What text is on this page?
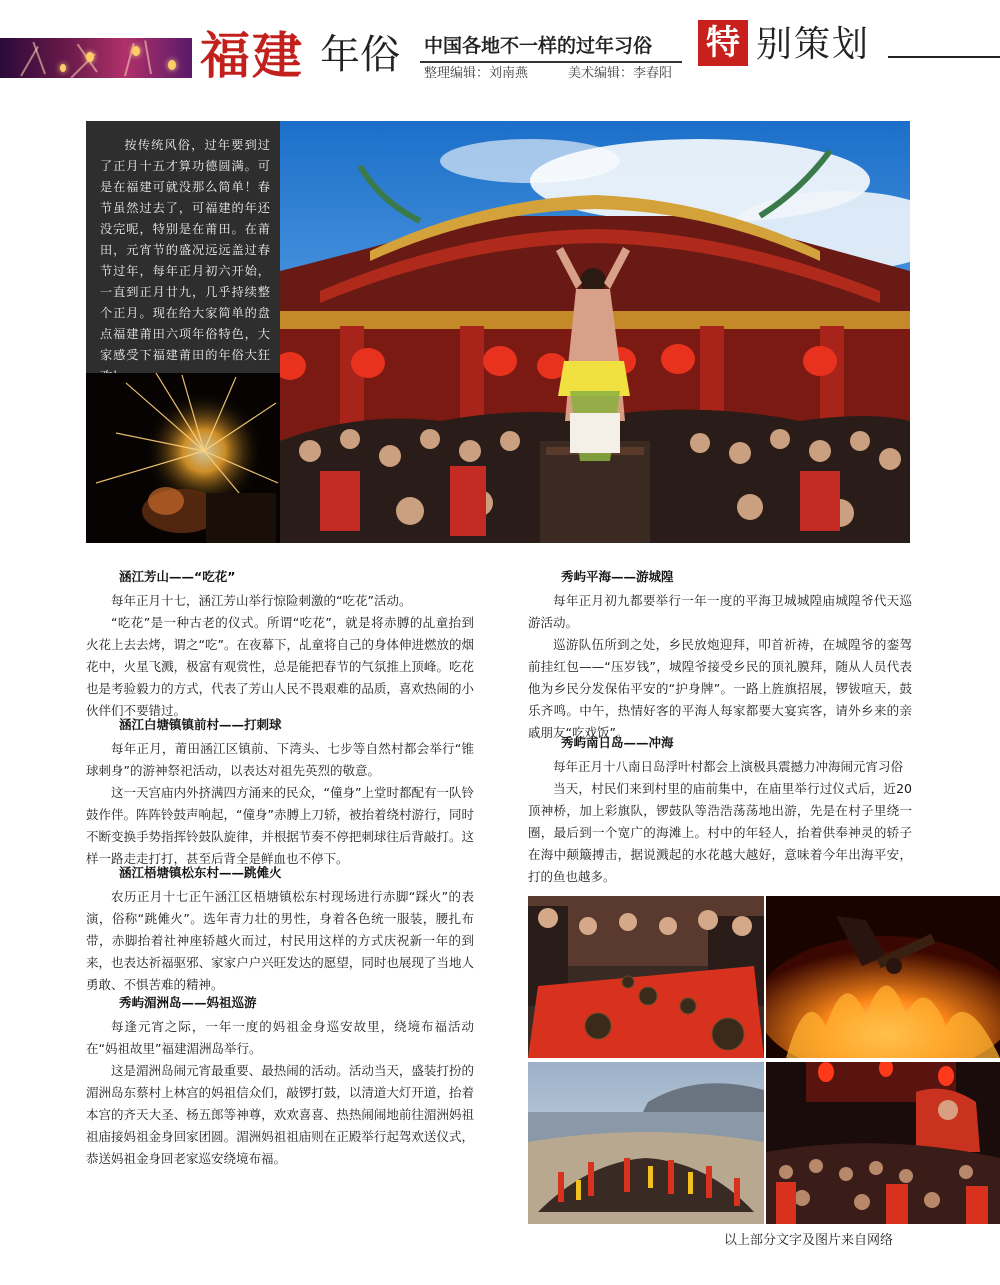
福建 年俗 中国各地不一样的过年习俗
整理编辑：刘南燕	美术编辑：李春阳
特 别策划

按传统风俗，过年要到过了正月十五才算功德圆满。可是在福建可就没那么简单！春节虽然过去了，可福建的年还没完呢，特别是在莆田。在莆田，元宵节的盛况远远盖过春节过年，每年正月初六开始，一直到正月廿九，几乎持续整个正月。现在给大家简单的盘点福建莆田六项年俗特色，大家感受下福建莆田的年俗大狂

涵江芳山——“吃花”

每年正月十七，涵江芳山举行惊险刺激的“吃花”活动。

“吃花”是一种古老的仪式。所谓“吃花”，就是将赤膊的乩童抬到火花上去去烤，谓之“吃”。在夜幕下，乩童将自己的身体伸进燃放的烟花中，火星飞溅，极富有观赏性，总是能把春节的气氛推上顶峰。吃花也是考验毅力的方式，代表了芳山人民不畏艰难的品质，喜欢热闹的小伙伴们不要错过。

涵江白塘镇镇前村——打刺球

每年正月，莆田涵江区镇前、下湾头、七步等自然村都会举行“锥球刺身”的游神祭祀活动，以表达对祖先英烈的敬意。

这一天宫庙内外挤满四方涌来的民众，“僮身”上堂时都配有一队铃鼓作伴。阵阵铃鼓声响起，“僮身”赤膊上刀轿，被抬着绕村游行，同时不断变换手势指挥铃鼓队旋律，并根据节奏不停把刺球往后背敲打。这样一路走走打打，甚至后背全是鲜血也不停下。

涵江梧塘镇松东村——跳傩火

农历正月十七正午涵江区梧塘镇松东村现场进行赤脚“踩火”的表演，俗称“跳傩火”。选年青力壮的男性，身着各色统一服装，腰扎布带，赤脚抬着社神座轿越火而过，村民用这样的方式庆祝新一年的到来，也表达祈福驱邪、家家户户兴旺发达的愿望，同时也展现了当地人勇敢、不惧苦难的精神。

秀屿湄洲岛——妈祖巡游

每逢元宵之际，一年一度的妈祖金身巡安故里，绕境布福活动在“妈祖故里”福建湄洲岛举行。

这是湄洲岛闹元宵最重要、最热闹的活动。活动当天，盛装打扮的湄洲岛东蔡村上林宫的妈祖信众们，敲锣打鼓，以清道大灯开道，抬着本宫的齐天大圣、杨五郎等神尊，欢欢喜喜、热热闹闹地前往湄洲妈祖祖庙接妈祖金身回家团圆。湄洲妈祖祖庙则在正殿举行起驾欢送仪式，恭送妈祖金身回老家巡安绕境布福。

秀屿平海——游城隍

每年正月初九都要举行一年一度的平海卫城城隍庙城隍爷代天巡游活动。

巡游队伍所到之处，乡民放炮迎拜，叩首祈祷，在城隍爷的銮驾前挂红包——“压岁钱”，城隍爷接受乡民的顶礼膜拜，随从人员代表他为乡民分发保佑平安的“护身牌”。一路上旌旗招展，锣钹喧天，鼓乐齐鸣。中午，热情好客的平海人每家都要大宴宾客，请外乡来的亲戚朋友“吃戏饭”。

秀屿南日岛——冲海

每年正月十八南日岛浮叶村都会上演极具震撼力冲海闹元宵习俗

当天，村民们来到村里的庙前集中，在庙里举行过仪式后，近20顶神桥，加上彩旗队，锣鼓队等浩浩荡荡地出游，先是在村子里绕一圈，最后到一个宽广的海滩上。村中的年轻人，抬着供奉神灵的轿子在海中颠簸搏击，据说溅起的水花越大越好，意味着今年出海平安，打的鱼也越多。

以上部分文字及图片来自网络
